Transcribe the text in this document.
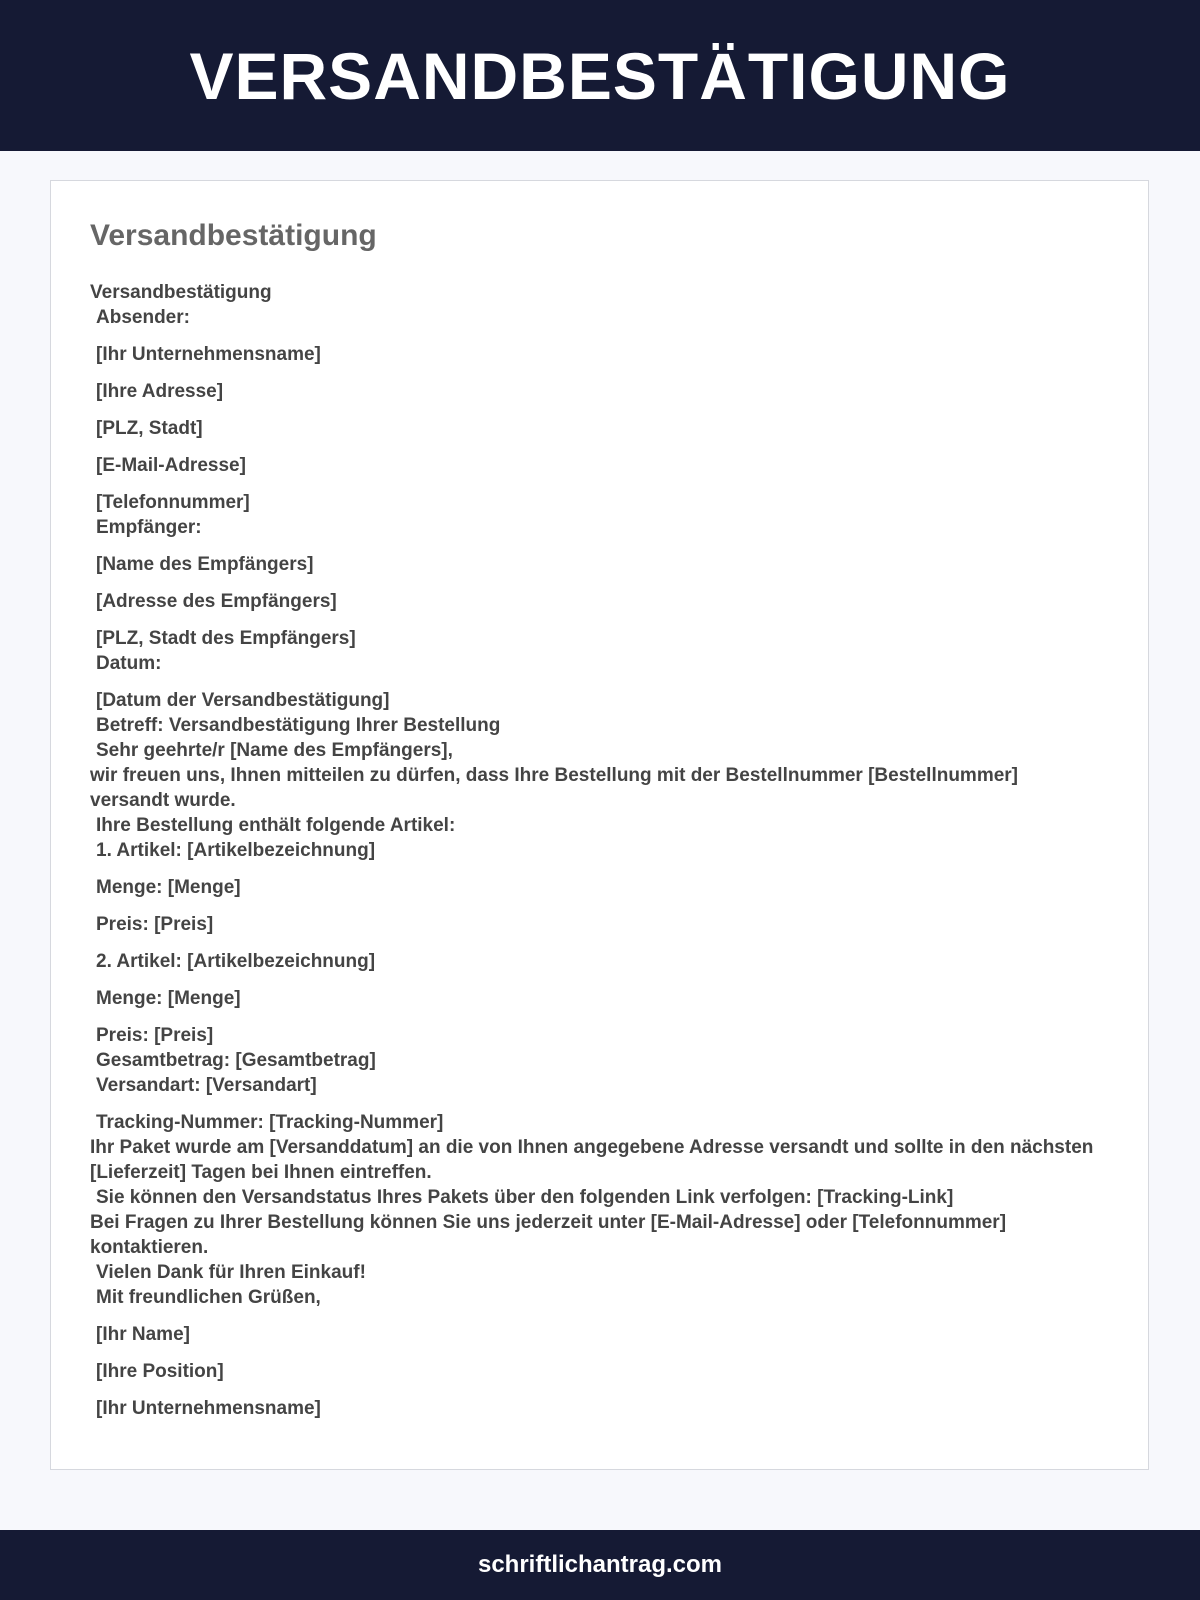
VERSANDBESTÄTIGUNG
Versandbestätigung
Versandbestätigung
Absender:
[Ihr Unternehmensname]
[Ihre Adresse]
[PLZ, Stadt]
[E-Mail-Adresse]
[Telefonnummer]
Empfänger:
[Name des Empfängers]
[Adresse des Empfängers]
[PLZ, Stadt des Empfängers]
Datum:
[Datum der Versandbestätigung]
Betreff: Versandbestätigung Ihrer Bestellung
Sehr geehrte/r [Name des Empfängers],
wir freuen uns, Ihnen mitteilen zu dürfen, dass Ihre Bestellung mit der Bestellnummer [Bestellnummer] versandt wurde.
Ihre Bestellung enthält folgende Artikel:
1. Artikel: [Artikelbezeichnung]
Menge: [Menge]
Preis: [Preis]
2. Artikel: [Artikelbezeichnung]
Menge: [Menge]
Preis: [Preis]
Gesamtbetrag: [Gesamtbetrag]
Versandart: [Versandart]
Tracking-Nummer: [Tracking-Nummer]
Ihr Paket wurde am [Versanddatum] an die von Ihnen angegebene Adresse versandt und sollte in den nächsten [Lieferzeit] Tagen bei Ihnen eintreffen.
Sie können den Versandstatus Ihres Pakets über den folgenden Link verfolgen: [Tracking-Link]
Bei Fragen zu Ihrer Bestellung können Sie uns jederzeit unter [E-Mail-Adresse] oder [Telefonnummer] kontaktieren.
Vielen Dank für Ihren Einkauf!
Mit freundlichen Grüßen,
[Ihr Name]
[Ihre Position]
[Ihr Unternehmensname]
schriftlichantrag.com
